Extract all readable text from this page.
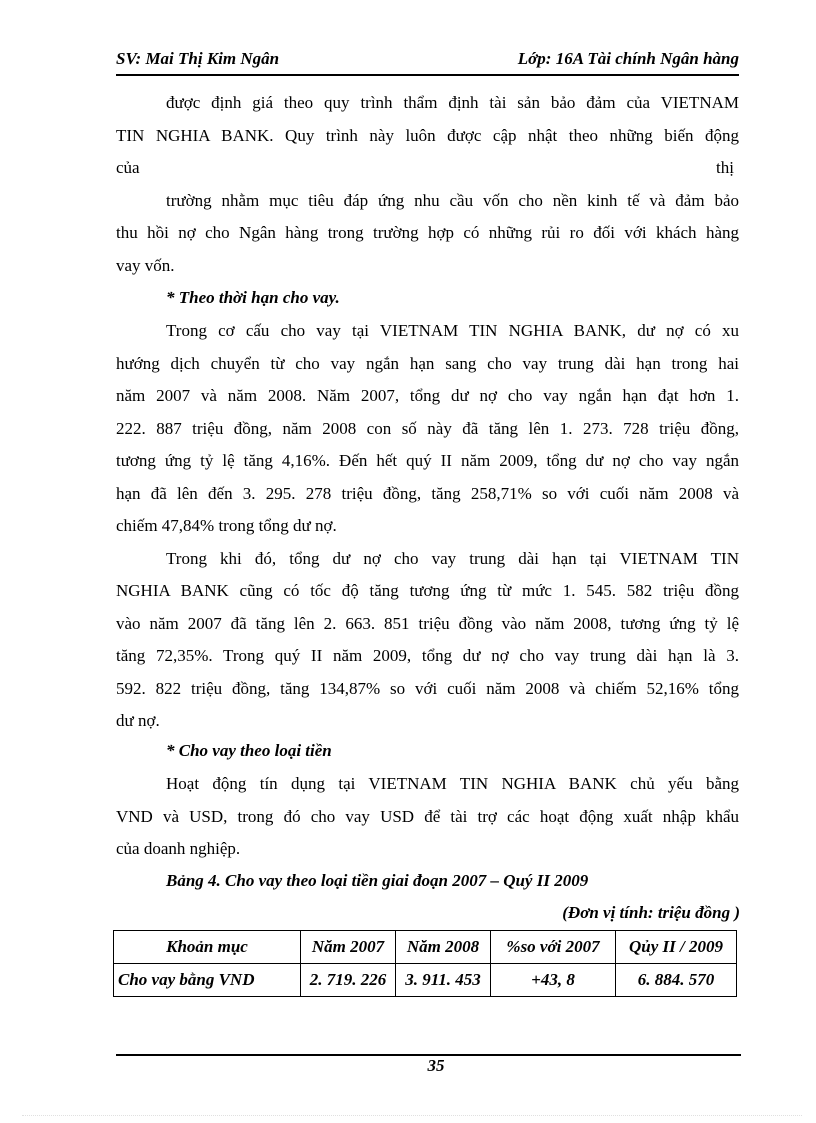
SV: Mai Thị Kim Ngân	Lớp: 16A Tài chính Ngân hàng
được định giá theo quy trình thẩm định tài sản bảo đảm của VIETNAM
TIN NGHIA BANK. Quy trình này luôn được cập nhật theo những biến động
của	thị
trường nhằm mục tiêu đáp ứng nhu cầu vốn cho nền kinh tế và đảm bảo
thu hồi nợ cho Ngân hàng trong trường hợp có những rủi ro đối với khách hàng
vay vốn.
* Theo thời hạn cho vay.
Trong cơ cấu cho vay tại VIETNAM TIN NGHIA BANK, dư nợ có xu
hướng dịch chuyển từ cho vay ngắn hạn sang cho vay trung dài hạn trong hai
năm 2007 và năm 2008. Năm 2007, tổng dư nợ cho vay ngắn hạn đạt hơn 1.
222. 887 triệu đồng, năm 2008 con số này đã tăng lên 1. 273. 728 triệu đồng,
tương ứng tỷ lệ tăng 4,16%. Đến hết quý II năm 2009, tổng dư nợ cho vay ngắn
hạn đã lên đến 3. 295. 278 triệu đồng, tăng 258,71% so với cuối năm 2008 và
chiếm 47,84% trong tổng dư nợ.
Trong khi đó, tổng dư nợ cho vay trung dài hạn tại VIETNAM TIN
NGHIA BANK cũng có tốc độ tăng tương ứng từ mức 1. 545. 582 triệu đồng
vào năm 2007 đã tăng lên 2. 663. 851 triệu đồng vào năm 2008, tương ứng tỷ lệ
tăng 72,35%. Trong quý II năm 2009, tổng dư nợ cho vay trung dài hạn là 3.
592. 822 triệu đồng, tăng 134,87% so với cuối năm 2008 và chiếm 52,16% tổng
dư nợ.
* Cho vay theo loại tiền
Hoạt động tín dụng tại VIETNAM TIN NGHIA BANK chủ yếu bằng
VND và USD, trong đó cho vay USD để tài trợ các hoạt động xuất nhập khẩu
của doanh nghiệp.
Bảng 4. Cho vay theo loại tiền giai đoạn 2007 – Quý II 2009
(Đơn vị tính: triệu đồng )
Khoản mục	Năm 2007	Năm 2008	%so với 2007	Qủy II / 2009
Cho vay bằng VND	2. 719. 226	3. 911. 453	+43, 8	6. 884. 570
35
